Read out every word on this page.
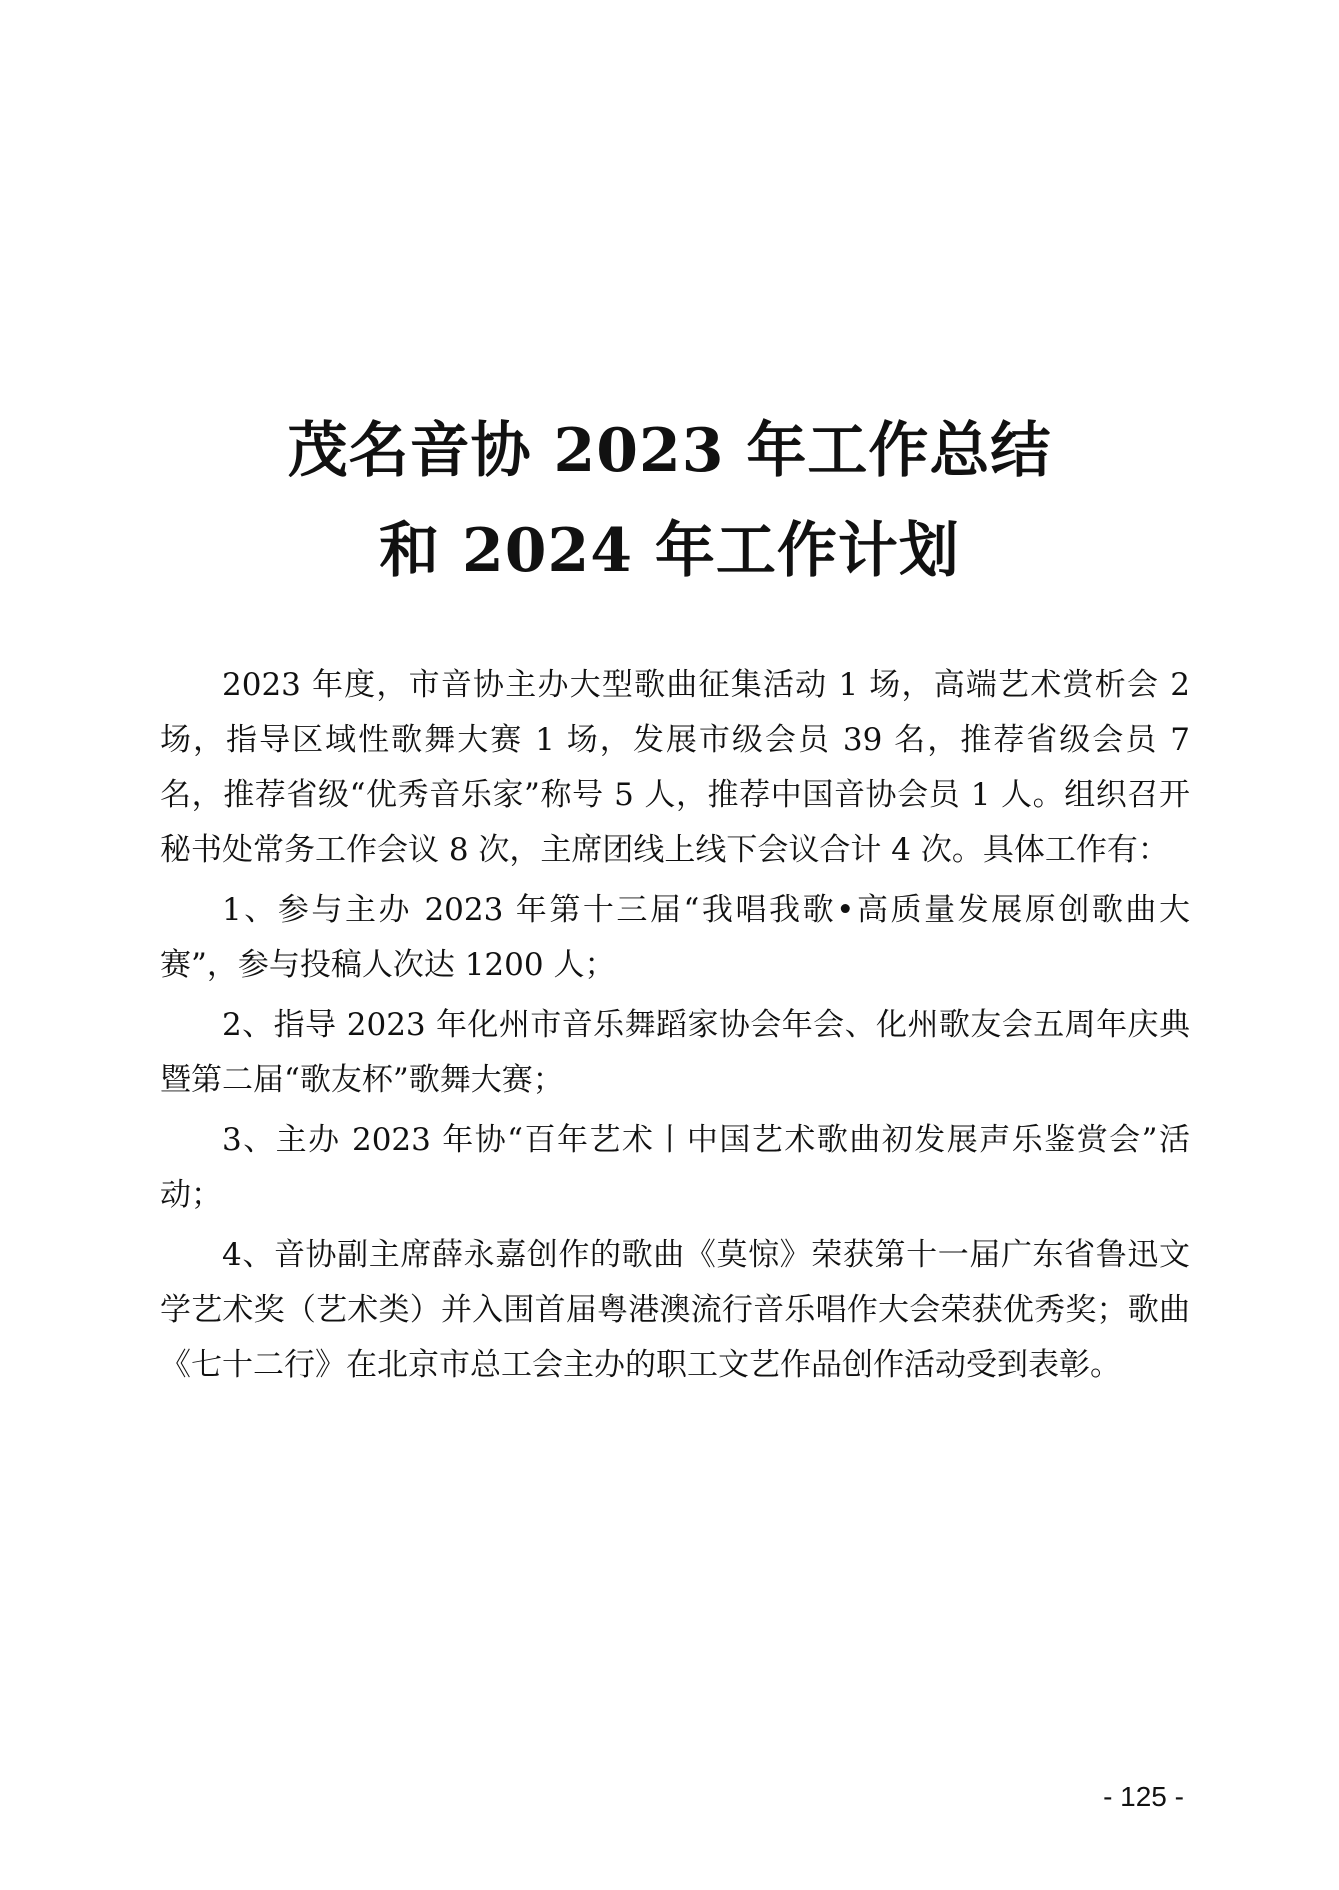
茂名音协 2023 年工作总结
和 2024 年工作计划

2023 年度，市音协主办大型歌曲征集活动 1 场，高端艺术赏析会 2 场，指导区域性歌舞大赛 1 场，发展市级会员 39 名，推荐省级会员 7 名，推荐省级“优秀音乐家”称号 5 人，推荐中国音协会员 1 人。组织召开秘书处常务工作会议 8 次，主席团线上线下会议合计 4 次。具体工作有：

1、参与主办 2023 年第十三届“我唱我歌•高质量发展原创歌曲大赛”，参与投稿人次达 1200 人；

2、指导 2023 年化州市音乐舞蹈家协会年会、化州歌友会五周年庆典暨第二届“歌友杯”歌舞大赛；

3、主办 2023 年协“百年艺术丨中国艺术歌曲初发展声乐鉴赏会”活动；

4、音协副主席薛永嘉创作的歌曲《莫惊》荣获第十一届广东省鲁迅文学艺术奖（艺术类）并入围首届粤港澳流行音乐唱作大会荣获优秀奖；歌曲《七十二行》在北京市总工会主办的职工文艺作品创作活动受到表彰。

- 125 -
